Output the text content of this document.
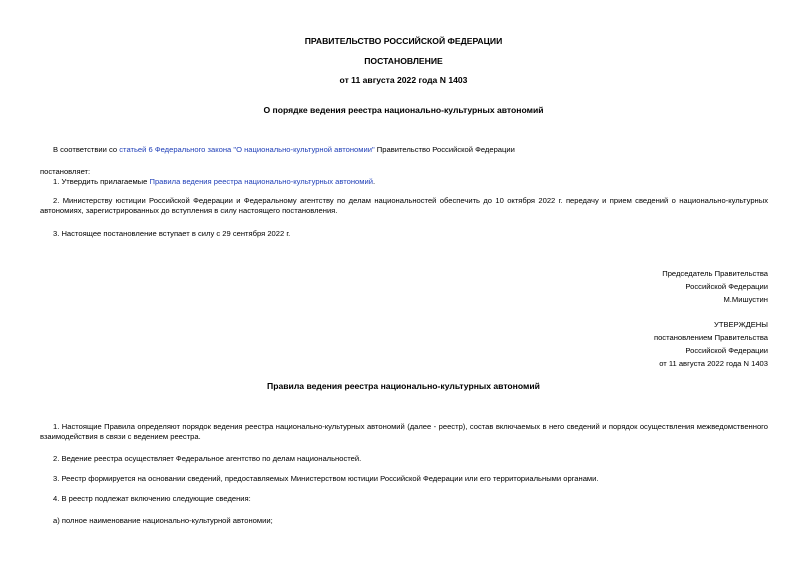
ПРАВИТЕЛЬСТВО РОССИЙСКОЙ ФЕДЕРАЦИИ
ПОСТАНОВЛЕНИЕ
от 11 августа 2022 года N 1403
О порядке ведения реестра национально-культурных автономий
В соответствии со статьей 6 Федерального закона "О национально-культурной автономии" Правительство Российской Федерации
постановляет:
1. Утвердить прилагаемые Правила ведения реестра национально-культурных автономий.
2. Министерству юстиции Российской Федерации и Федеральному агентству по делам национальностей обеспечить до 10 октября 2022 г. передачу и прием сведений о национально-культурных автономиях, зарегистрированных до вступления в силу настоящего постановления.
3. Настоящее постановление вступает в силу с 29 сентября 2022 г.
Председатель Правительства
Российской Федерации
М.Мишустин
УТВЕРЖДЕНЫ
постановлением Правительства
Российской Федерации
от 11 августа 2022 года N 1403
Правила ведения реестра национально-культурных автономий
1. Настоящие Правила определяют порядок ведения реестра национально-культурных автономий (далее - реестр), состав включаемых в него сведений и порядок осуществления межведомственного взаимодействия в связи с ведением реестра.
2. Ведение реестра осуществляет Федеральное агентство по делам национальностей.
3. Реестр формируется на основании сведений, предоставляемых Министерством юстиции Российской Федерации или его территориальными органами.
4. В реестр подлежат включению следующие сведения:
а) полное наименование национально-культурной автономии;
